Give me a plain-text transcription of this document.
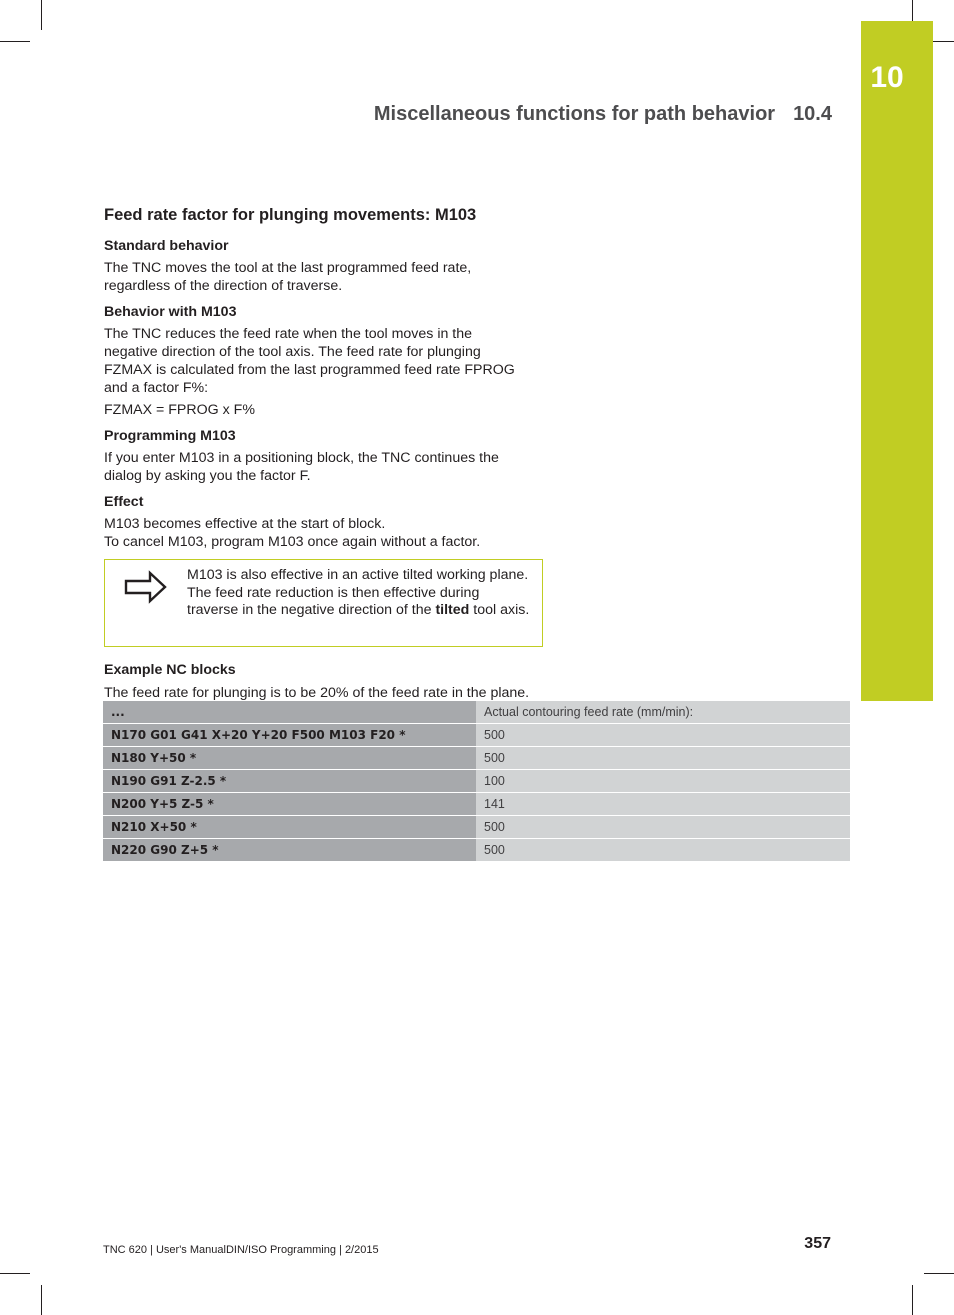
10
Miscellaneous functions for path behavior 10.4
Feed rate factor for plunging movements: M103
Standard behavior

The TNC moves the tool at the last programmed feed rate,
regardless of the direction of traverse.

Behavior with M103

The TNC reduces the feed rate when the tool moves in the
negative direction of the tool axis. The feed rate for plunging
FZMAX is calculated from the last programmed feed rate FPROG
and a factor F%:

FZMAX = FPROG x F%

Programming M103

If you enter M103 in a positioning block, the TNC continues the
dialog by asking you the factor F.

Effect

M103 becomes effective at the start of block.
To cancel M103, program M103 once again without a factor.

M103 is also effective in an active tilted working plane. The feed rate reduction is then effective during traverse in the negative direction of the tilted tool axis.
Example NC blocks

The feed rate for plunging is to be 20% of the feed rate in the plane.

...	Actual contouring feed rate (mm/min):
N170 G01 G41 X+20 Y+20 F500 M103 F20 *	500
N180 Y+50 *	500
N190 G91 Z-2.5 *	100
N200 Y+5 Z-5 *	141
N210 X+50 *	500
N220 G90 Z+5 *	500
TNC 620 | User's ManualDIN/ISO Programming | 2/2015	357
